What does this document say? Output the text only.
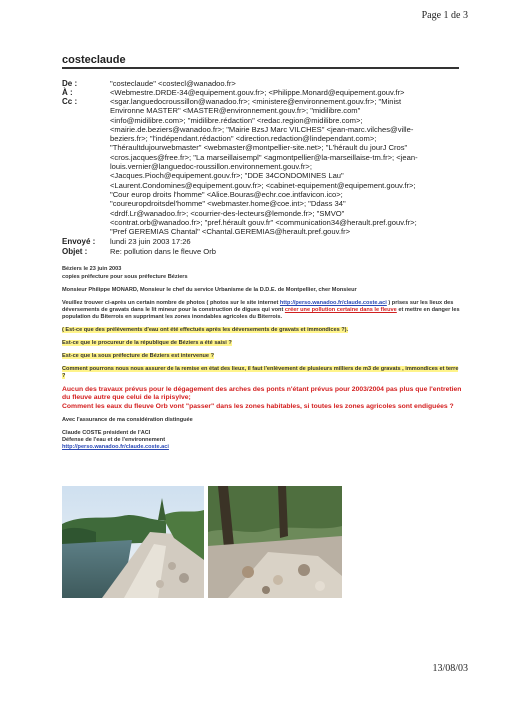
Page 1 de 3
costeclaude
De :	"costeclaude" <costecl@wanadoo.fr>
À :	<Webmestre.DRDE-34@equipement.gouv.fr>; <Philippe.Monard@equipement.gouv.fr>
Cc :	<sgar.languedocroussillon@wanadoo.fr>; <ministere@environnement.gouv.fr>; "Minist
Environne MASTER" <MASTER@environnement.gouv.fr>; "midilibre.com"
<info@midilibre.com>; "midilibre.rédaction" <redac.region@midilibre.com>;
<mairie.de.beziers@wanadoo.fr>; "Mairie BzsJ Marc VILCHES" <jean-marc.vilches@ville-
beziers.fr>; "l'indépendant.rédaction" <direction.redaction@lindependant.com>;
"Théraultdujourwebmaster" <webmaster@montpellier-site.net>; "L'hérault du jourJ Cros"
<cros.jacques@free.fr>; "La marseillaisempl" <agmontpellier@la-marseillaise-tm.fr>; <jean-
louis.vernier@languedoc-roussillon.environnement.gouv.fr>;
<Jacques.Pioch@equipement.gouv.fr>; "DDE 34CONDOMINES Lau"
<Laurent.Condomines@equipement.gouv.fr>; <cabinet-equipement@equipement.gouv.fr>;
"Cour europ droits l'homme" <Alice.Bouras@echr.coe.intfavicon.ico>;
"coureuropdroitsdel'homme" <webmaster.home@coe.int>; "Ddass 34"
<drdf.Lr@wanadoo.fr>; <courrier-des-lecteurs@lemonde.fr>; "SMVO"
<contrat.orb@wanadoo.fr>; "pref.hérault gouv.fr" <communication34@herault.pref.gouv.fr>;
"Pref GEREMIAS Chantal" <Chantal.GEREMIAS@herault.pref.gouv.fr>
Envoyé : lundi 23 juin 2003 17:26
Objet :	Re: pollution dans le fleuve Orb

Béziers le 23 juin 2003

copies préfecture pour sous préfecture Béziers

Monsieur Philippe MONARD, Monsieur le chef du service Urbanisme de la D.D.E. de Montpellier, cher Monsieur

Veuillez trouver ci-après un certain nombre de photos ( photos sur le site internet http://perso.wanadoo.fr/claude.coste.aci ) prises sur les lieux des déversements de gravats dans le lit mineur pour la construction de digues qui vont créer une pollution certaine dans le fleuve et mettre en danger les population du Biterrois en supprimant les zones inondables agricoles du Biterrois.

( Est-ce que des prélèvements d'eau ont été effectués après les déversements de gravats et immondices ?).

Est-ce que le procureur de la république de Béziers a été saisi ?

Est-ce que la sous préfecture de Béziers est intervenue ?

Comment pourrons nous nous assurer de la remise en état des lieux, il faut l'enlèvement de plusieurs milliers de m3 de gravats , immondices et terre ?

Aucun des travaux prévus pour le dégagement des arches des ponts n'étant prévus pour 2003/2004 pas plus que l'entretien du fleuve autre que celui de la ripisylve;

Comment les eaux du fleuve Orb vont "passer" dans les zones habitables, si toutes les zones agricoles sont endiguées ?

Avec l'assurance de ma considération distinguée

Claude COSTE président de l'ACI
Défense de l'eau et de l'environnement
http://perso.wanadoo.fr/claude.coste.aci
13/08/03
